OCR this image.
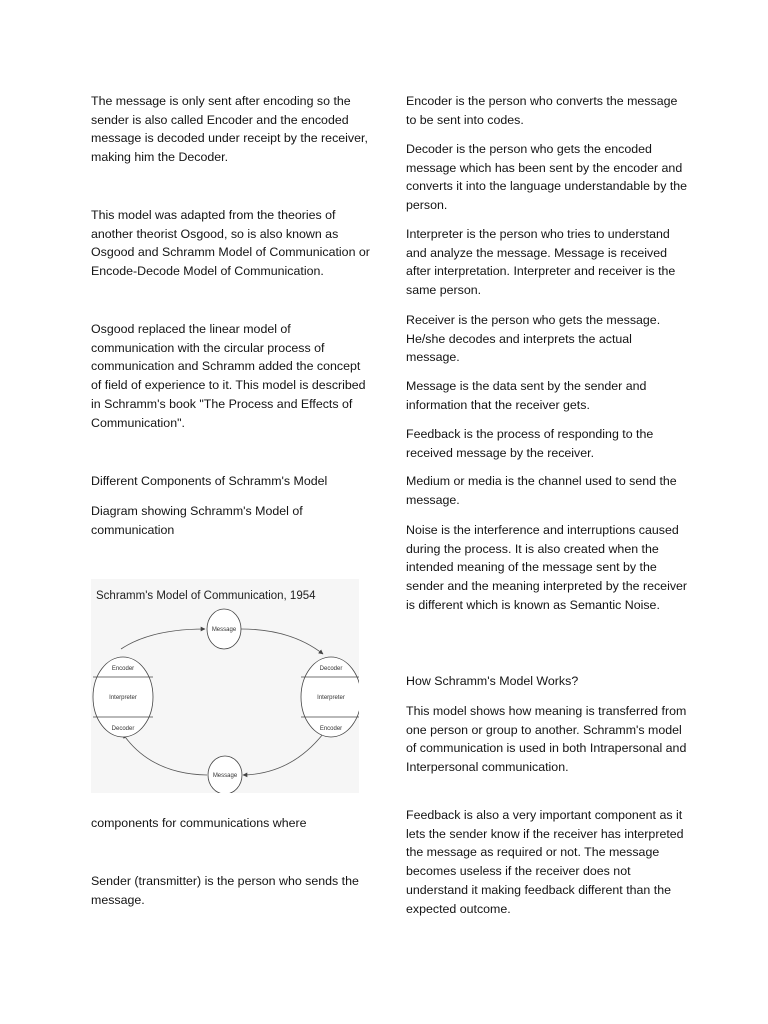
The message is only sent after encoding so the sender is also called Encoder and the encoded message is decoded under receipt by the receiver, making him the Decoder.

This model was adapted from the theories of another theorist Osgood, so is also known as Osgood and Schramm Model of Communication or Encode-Decode Model of Communication.

Osgood replaced the linear model of communication with the circular process of communication and Schramm added the concept of field of experience to it. This model is described in Schramm's book "The Process and Effects of Communication".

Different Components of Schramm's Model

Diagram showing Schramm's Model of communication

components for communications where

Sender (transmitter) is the person who sends the message.

Schramm's Model of Communication, 1954
Message
Message
Encoder
Interpreter
Decoder
Decoder
Interpreter
Encoder

Encoder is the person who converts the message to be sent into codes.

Decoder is the person who gets the encoded message which has been sent by the encoder and converts it into the language understandable by the person.

Interpreter is the person who tries to understand and analyze the message. Message is received after interpretation. Interpreter and receiver is the same person.

Receiver is the person who gets the message. He/she decodes and interprets the actual message.

Message is the data sent by the sender and information that the receiver gets.

Feedback is the process of responding to the received message by the receiver.

Medium or media is the channel used to send the message.

Noise is the interference and interruptions caused during the process. It is also created when the intended meaning of the message sent by the sender and the meaning interpreted by the receiver is different which is known as Semantic Noise.

How Schramm's Model Works?

This model shows how meaning is transferred from one person or group to another. Schramm's model of communication is used in both Intrapersonal and Interpersonal communication.

Feedback is also a very important component as it lets the sender know if the receiver has interpreted the message as required or not. The message becomes useless if the receiver does not understand it making feedback different than the expected outcome.
